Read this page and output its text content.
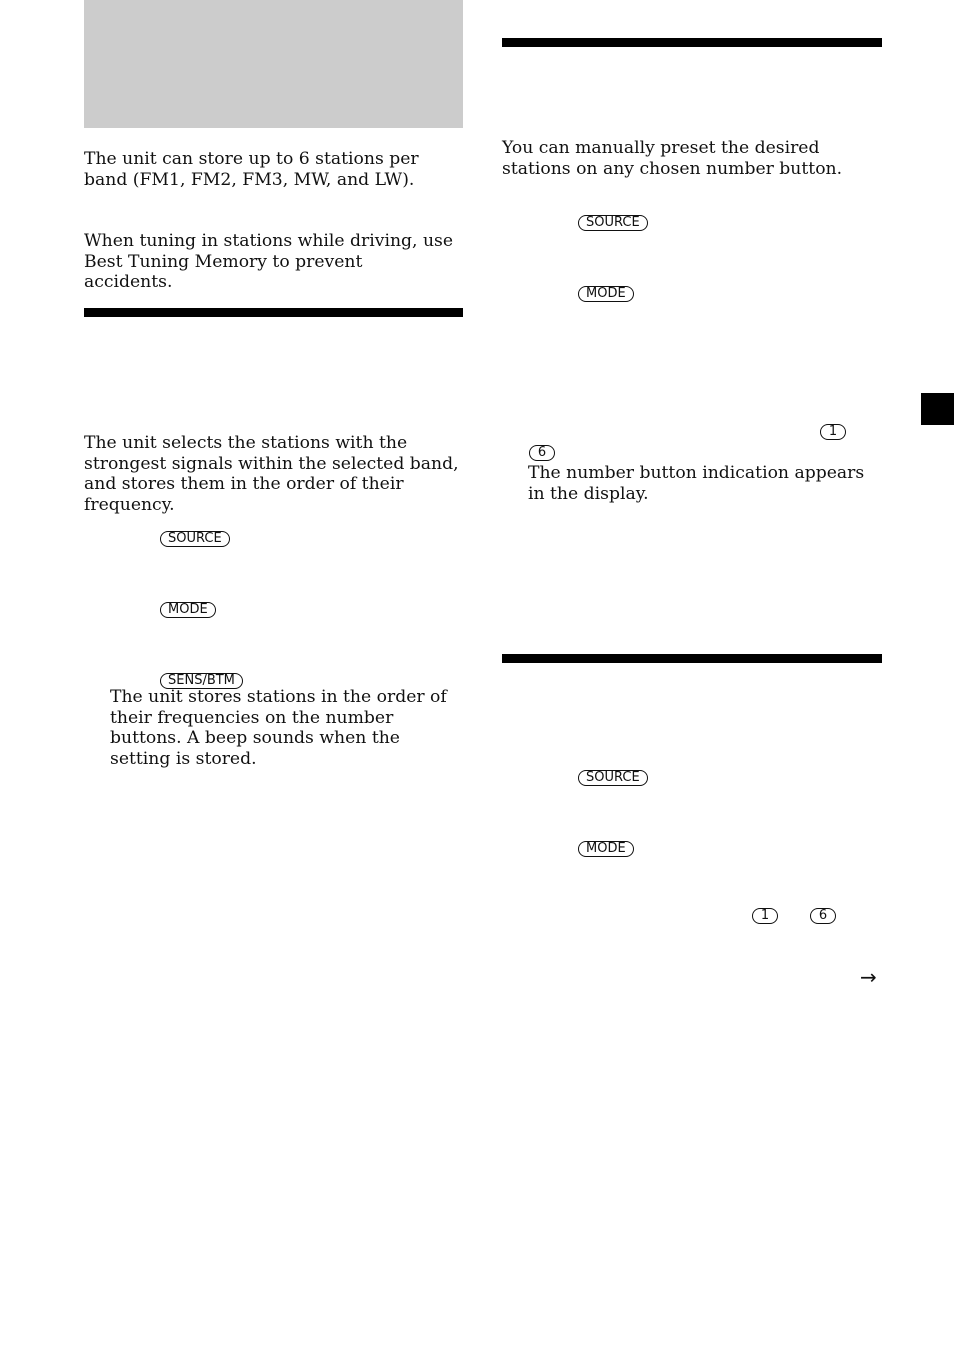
The unit can store up to 6 stations per band (FM1, FM2, FM3, MW, and LW).
When tuning in stations while driving, use Best Tuning Memory to prevent accidents.
The unit selects the stations with the strongest signals within the selected band, and stores them in the order of their frequency.
SOURCE
MODE
SENS/BTM
The unit stores stations in the order of their frequencies on the number buttons. A beep sounds when the setting is stored.
You can manually preset the desired stations on any chosen number button.
SOURCE
MODE
1
6
The number button indication appears in the display.
SOURCE
MODE
1	6
→
